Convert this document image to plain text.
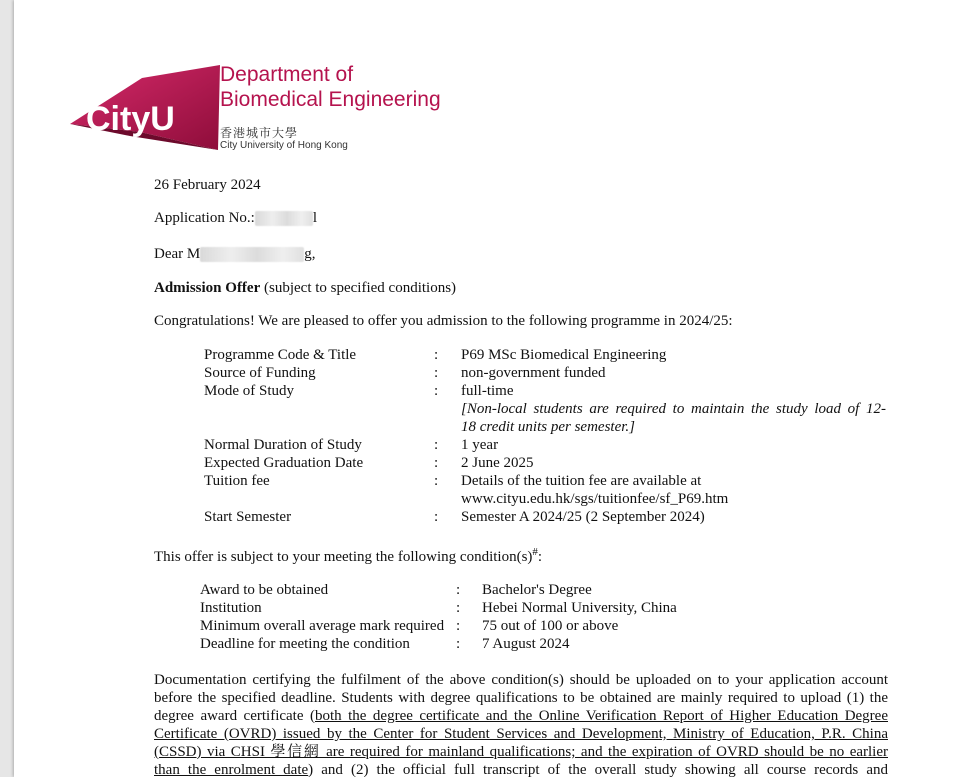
CityU
Department of
Biomedical Engineering
香港城市大學
City University of Hong Kong
26 February 2024
Application No.:	l
Dear M	g,
Admission Offer (subject to specified conditions)
Congratulations! We are pleased to offer you admission to the following programme in 2024/25:
Programme Code & Title	:	P69 MSc Biomedical Engineering
Source of Funding	:	non-government funded
Mode of Study	:	full-time
[Non-local students are required to maintain the study load of 12-
18 credit units per semester.]

Normal Duration of Study	:	1 year
Expected Graduation Date	:	2 June 2025
Tuition fee	:	Details of the tuition fee are available at
www.cityu.edu.hk/sgs/tuitionfee/sf_P69.htm

Start Semester	:	Semester A 2024/25 (2 September 2024)
This offer is subject to your meeting the following condition(s)#:
Award to be obtained	:	Bachelor's Degree
Institution	:	Hebei Normal University, China
Minimum overall average mark required	:	75 out of 100 or above
Deadline for meeting the condition	:	7 August 2024
Documentation certifying the fulfilment of the above condition(s) should be uploaded on to your application account
before the specified deadline. Students with degree qualifications to be obtained are mainly required to upload (1) the
degree award certificate (both the degree certificate and the Online Verification Report of Higher Education Degree
Certificate (OVRD) issued by the Center for Student Services and Development, Ministry of Education, P.R. China
(CSSD) via CHSI 學信網 are required for mainland qualifications; and the expiration of OVRD should be no earlier
than the enrolment date) and (2) the official full transcript of the overall study showing all course records and
